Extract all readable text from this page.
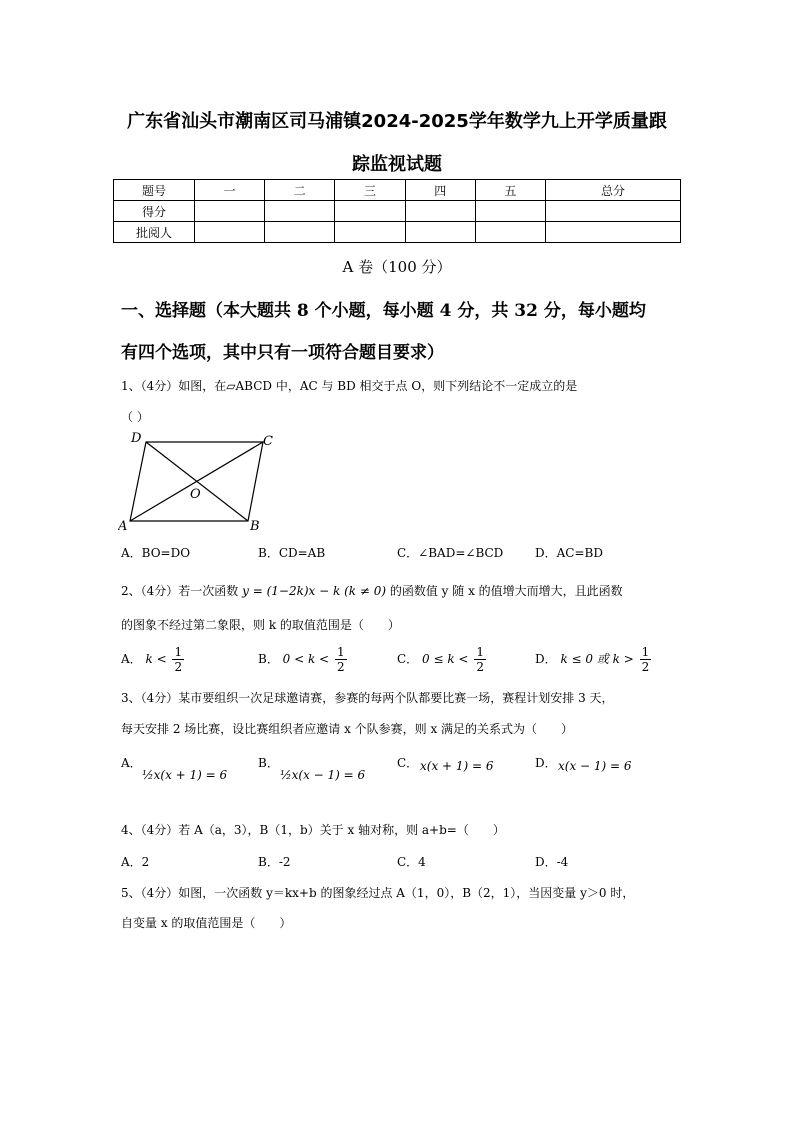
广东省汕头市潮南区司马浦镇2024-2025学年数学九上开学质量跟
踪监视试题
题号	一	二	三	四	五	总分
得分						
批阅人						
A 卷（100 分）
一、选择题（本大题共 8 个小题，每小题 4 分，共 32 分，每小题均
有四个选项，其中只有一项符合题目要求）
1、（4分）如图，在▱ABCD 中，AC 与 BD 相交于点 O，则下列结论不一定成立的是
（ ）
D	C
O
A	B
A．BO=DO	B．CD=AB	C．∠BAD=∠BCD	D．AC=BD
2、（4分）若一次函数 y = (1−2k)x − k (k ≠ 0) 的函数值 y 随 x 的值增大而增大，且此函数
的图象不经过第二象限，则 k 的取值范围是（　　）
A． $k < \frac{1}{2}$	B． $0 < k < \frac{1}{2}$	C． $0 \le k < \frac{1}{2}$	D． k ≤ 0 或 $k > \frac{1}{2}$
3、（4分）某市要组织一次足球邀请赛，参赛的每两个队都要比赛一场，赛程计划安排 3 天，
每天安排 2 场比赛，设比赛组织者应邀请 x 个队参赛，则 x 满足的关系式为（　　）
A．
½x(x + 1) = 6
B．
½x(x − 1) = 6
C． x(x + 1) = 6	D． x(x − 1) = 6
4、（4分）若 A（a，3），B（1，b）关于 x 轴对称，则 a+b=（　　）
A．2	B．-2	C．4	D．-4
5、（4分）如图，一次函数 y＝kx+b 的图象经过点 A（1，0），B（2，1），当因变量 y＞0 时，
自变量 x 的取值范围是（　　）
